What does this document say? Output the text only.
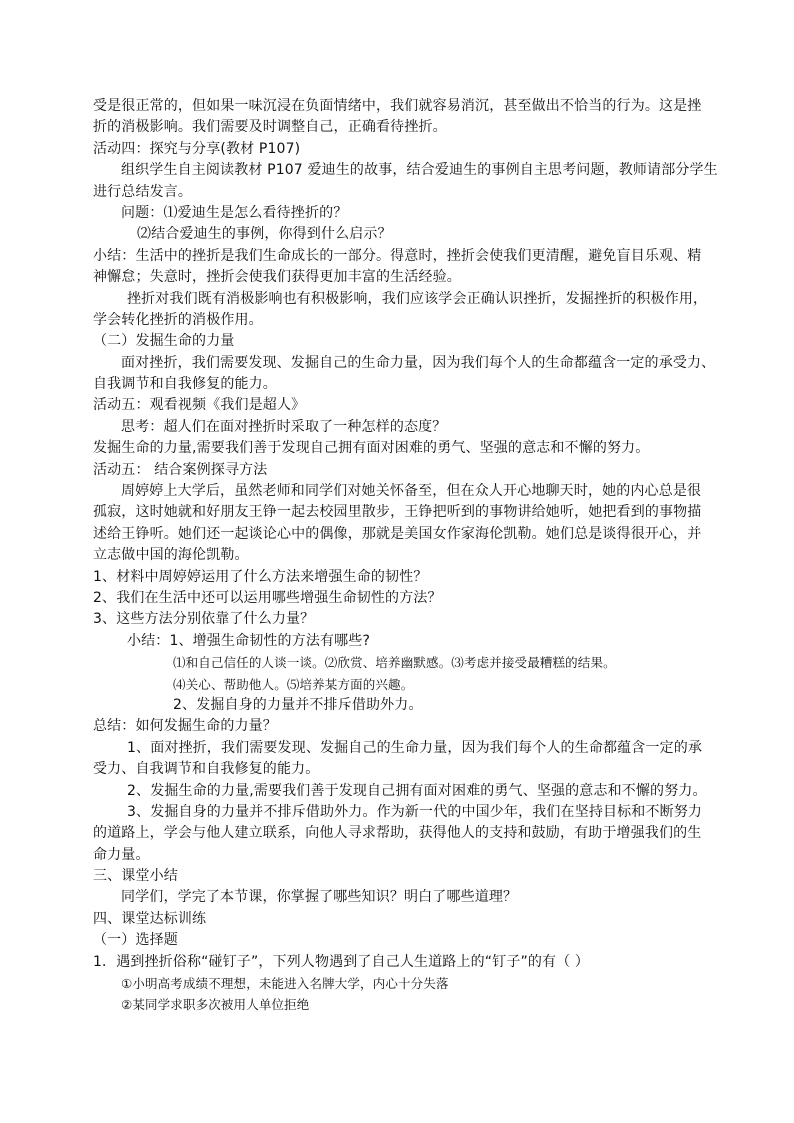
受是很正常的，但如果一味沉浸在负面情绪中，我们就容易消沉，甚至做出不恰当的行为。这是挫
折的消极影响。我们需要及时调整自己，正确看待挫折。
活动四：探究与分享(教材 P107)
组织学生自主阅读教材 P107 爱迪生的故事，结合爱迪生的事例自主思考问题，教师请部分学生
进行总结发言。
问题：⑴爱迪生是怎么看待挫折的？
⑵结合爱迪生的事例，你得到什么启示？
小结：生活中的挫折是我们生命成长的一部分。得意时，挫折会使我们更清醒，避免盲目乐观、精
神懈怠；失意时，挫折会使我们获得更加丰富的生活经验。
挫折对我们既有消极影响也有积极影响，我们应该学会正确认识挫折，发掘挫折的积极作用，
学会转化挫折的消极作用。
（二）发掘生命的力量
面对挫折，我们需要发现、发掘自己的生命力量，因为我们每个人的生命都蕴含一定的承受力、
自我调节和自我修复的能力。
活动五：观看视频《我们是超人》
思考：超人们在面对挫折时采取了一种怎样的态度？
发掘生命的力量,需要我们善于发现自己拥有面对困难的勇气、坚强的意志和不懈的努力。
活动五： 结合案例探寻方法
周婷婷上大学后，虽然老师和同学们对她关怀备至，但在众人开心地聊天时，她的内心总是很
孤寂，这时她就和好朋友王铮一起去校园里散步，王铮把听到的事物讲给她听，她把看到的事物描
述给王铮听。她们还一起谈论心中的偶像，那就是美国女作家海伦凯勒。她们总是谈得很开心，并
立志做中国的海伦凯勒。
1、材料中周婷婷运用了什么方法来增强生命的韧性？
2、我们在生活中还可以运用哪些增强生命韧性的方法？
3、这些方法分别依靠了什么力量？
小结：1、增强生命韧性的方法有哪些?
⑴和自己信任的人谈一谈。⑵欣赏、培养幽默感。⑶考虑并接受最糟糕的结果。
⑷关心、帮助他人。⑸培养某方面的兴趣。
2、发掘自身的力量并不排斥借助外力。
总结：如何发掘生命的力量？
1、面对挫折，我们需要发现、发掘自己的生命力量，因为我们每个人的生命都蕴含一定的承
受力、自我调节和自我修复的能力。
2、发掘生命的力量,需要我们善于发现自己拥有面对困难的勇气、坚强的意志和不懈的努力。
3、发掘自身的力量并不排斥借助外力。作为新一代的中国少年，我们在坚持目标和不断努力
的道路上，学会与他人建立联系，向他人寻求帮助，获得他人的支持和鼓励，有助于增强我们的生
命力量。
三、课堂小结
同学们，学完了本节课，你掌握了哪些知识？明白了哪些道理？
四、课堂达标训练
（一）选择题
1．遇到挫折俗称“碰钉子”，下列人物遇到了自己人生道路上的“钉子”的有（ ）
①小明高考成绩不理想，未能进入名牌大学，内心十分失落
②某同学求职多次被用人单位拒绝
